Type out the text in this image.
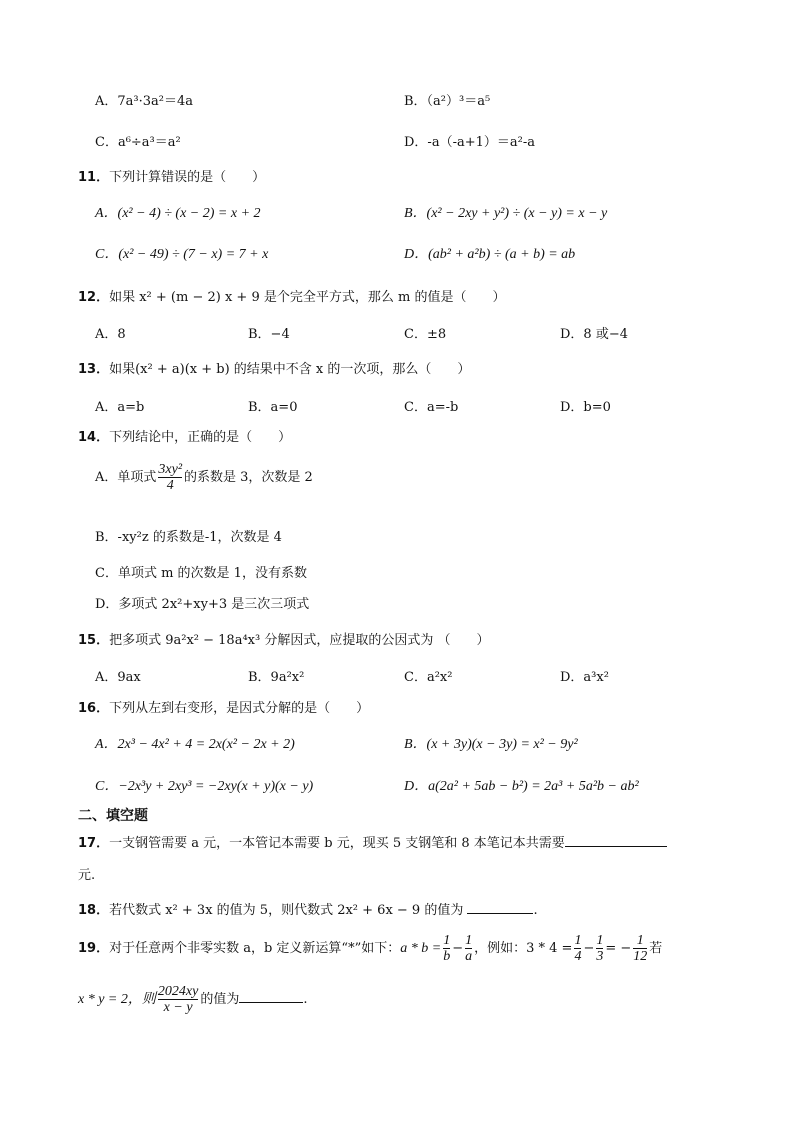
A．7a³·3a²＝4a	B．（a²）³＝a⁵
C．a⁶÷a³＝a²	D．-a（-a+1）＝a²-a
11．下列计算错误的是（　　）
A．(x² − 4) ÷ (x − 2) = x + 2	B．(x² − 2xy + y²) ÷ (x − y) = x − y
C．(x² − 49) ÷ (7 − x) = 7 + x	D．(ab² + a²b) ÷ (a + b) = ab
12．如果 x² + (m − 2) x + 9 是个完全平方式，那么 m 的值是（　　）
A．8	B．−4	C．±8	D．8 或−4
13．如果(x² + a)(x + b) 的结果中不含 x 的一次项，那么（　　）
A．a=b	B．a=0	C．a=-b	D．b=0
14．下列结论中，正确的是（　　）
A．单项式 $\frac{\text{3xy²}}{4}$ 的系数是 3，次数是 2
B．-xy²z 的系数是-1，次数是 4
C．单项式 m 的次数是 1，没有系数
D．多项式 2x²+xy+3 是三次三项式
15．把多项式 9a²x² − 18a⁴x³ 分解因式，应提取的公因式为 （　　）
A．9ax	B．9a²x²	C．a²x²	D．a³x²
16．下列从左到右变形，是因式分解的是（　　）
A．2x³ − 4x² + 4 = 2x(x² − 2x + 2)	B．(x + 3y)(x − 3y) = x² − 9y²
C．−2x³y + 2xy³ = −2xy(x + y)(x − y)	D．a(2a² + 5ab − b²) = 2a³ + 5a²b − ab²
二、填空题
17．一支钢管需要 a 元，一本管记本需要 b 元，现买 5 支钢笔和 8 本笔记本共需要
元.
18．若代数式 x² + 3x 的值为 5，则代数式 2x² + 6x − 9 的值为	.
19．对于任意两个非零实数 a，b 定义新运算“*”如下：$a * b = \frac{1}{b} - \frac{1}{a}$ ，例如：$3 * 4 = \frac{1}{4} - \frac{1}{3}$ = − $\frac{1}{12}$ 若
x * y = 2，则 $\frac{2024xy}{x - y}$ 的值为	.
